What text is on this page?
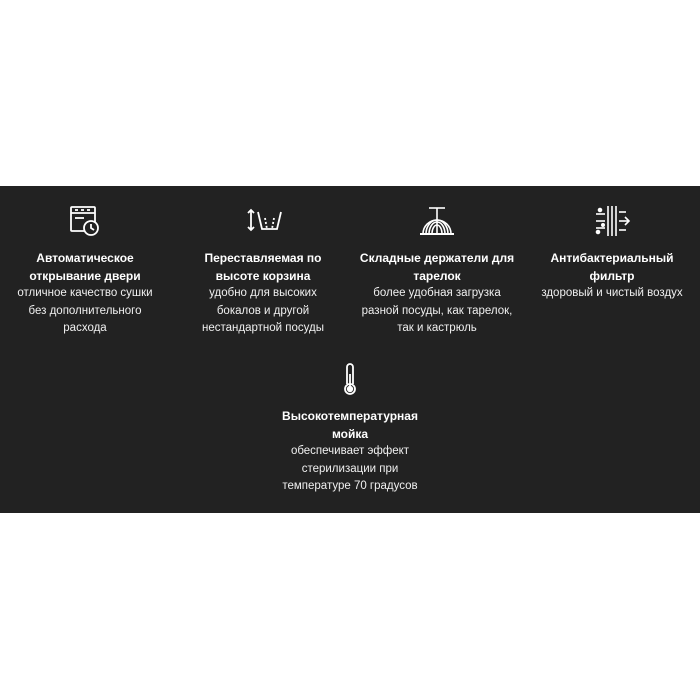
Автоматическое
открывание двери
отличное качество сушки
без дополнительного
расхода
Переставляемая по
высоте корзина
удобно для высоких
бокалов и другой
нестандартной посуды
Складные держатели для
тарелок
более удобная загрузка
разной посуды, как тарелок,
так и кастрюль
Антибактериальный
фильтр
здоровый и чистый воздух
Высокотемпературная
мойка
обеспечивает эффект
стерилизации при
температуре 70 градусов
